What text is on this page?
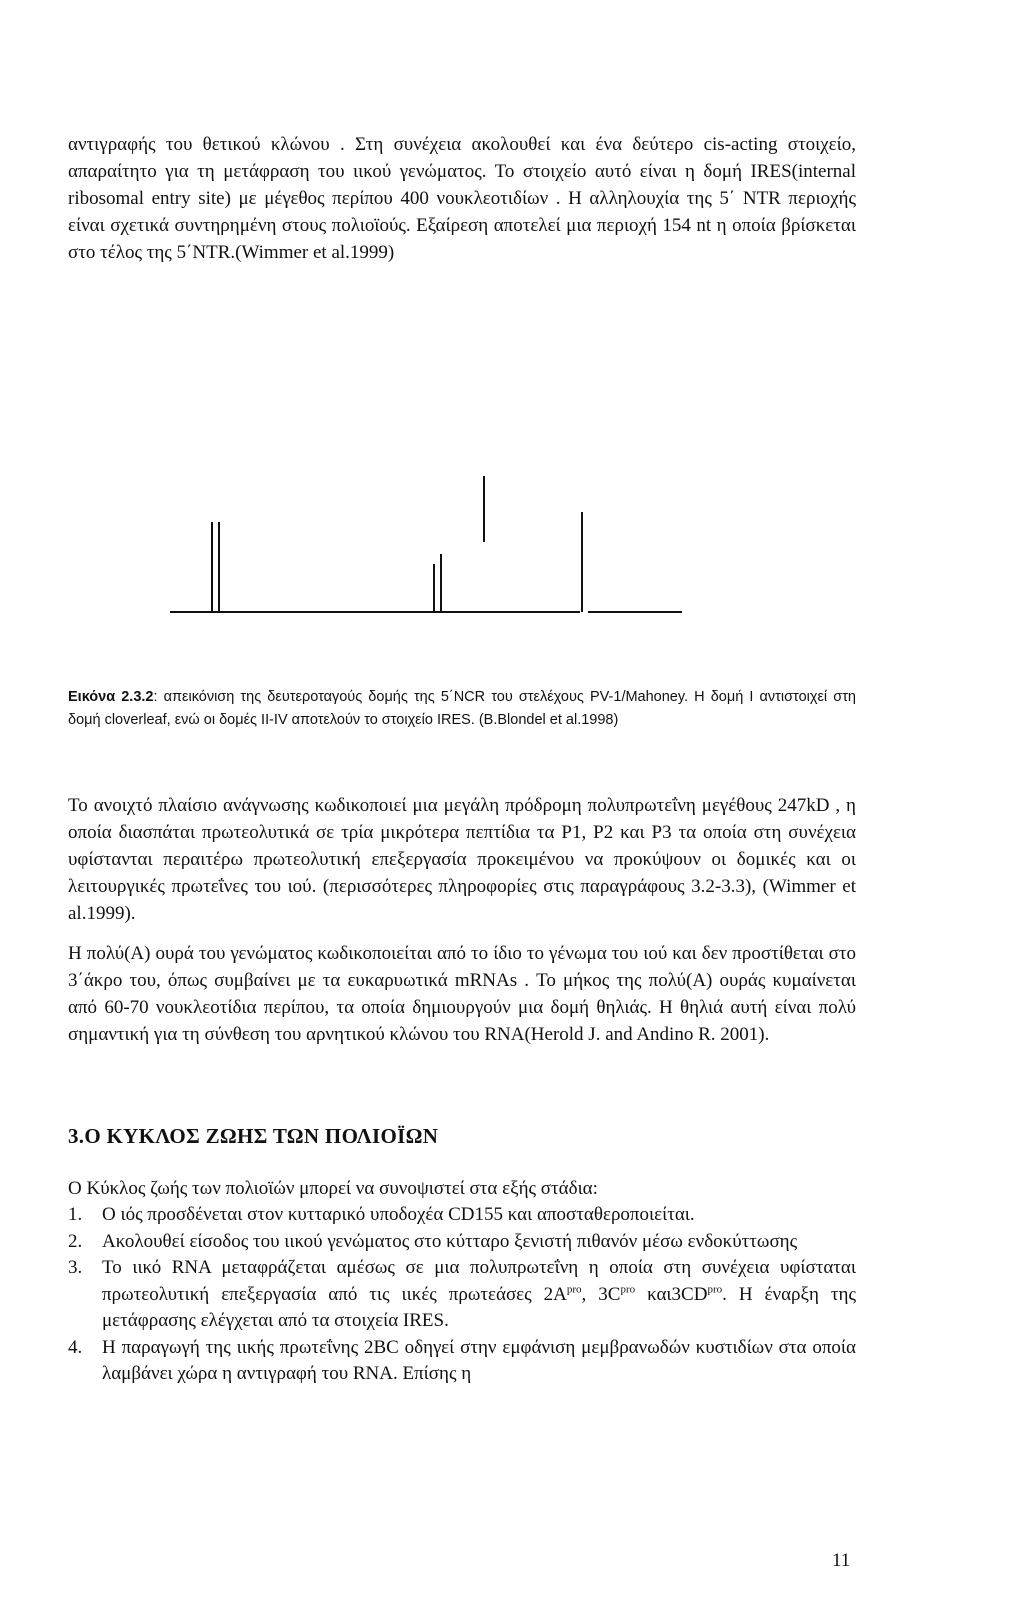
αντιγραφής του θετικού κλώνου . Στη συνέχεια ακολουθεί και ένα δεύτερο cis-acting στοιχείο, απαραίτητο για τη μετάφραση του ιικού γενώματος. Το στοιχείο αυτό είναι η δομή IRES(internal ribosomal entry site) με μέγεθος περίπου 400 νουκλεοτιδίων . Η αλληλουχία της 5΄ NTR περιοχής είναι σχετικά συντηρημένη στους πολιοϊούς. Εξαίρεση αποτελεί μια περιοχή 154 nt η οποία βρίσκεται στο τέλος της 5΄NTR.(Wimmer et al.1999)
Εικόνα 2.3.2: απεικόνιση της δευτεροταγούς δομής της 5΄NCR του στελέχους PV-1/Mahoney. Η δομή Ι αντιστοιχεί στη δομή cloverleaf, ενώ οι δομές II-IV αποτελούν το στοιχείο IRES. (B.Blondel et al.1998)
Το ανοιχτό πλαίσιο ανάγνωσης κωδικοποιεί μια μεγάλη πρόδρομη πολυπρωτεΐνη μεγέθους 247kD , η οποία διασπάται πρωτεολυτικά σε τρία μικρότερα πεπτίδια τα P1, P2 και P3 τα οποία στη συνέχεια υφίστανται περαιτέρω πρωτεολυτική επεξεργασία προκειμένου να προκύψουν οι δομικές και οι λειτουργικές πρωτεΐνες του ιού. (περισσότερες πληροφορίες στις παραγράφους 3.2-3.3), (Wimmer et al.1999).
Η πολύ(Α) ουρά του γενώματος κωδικοποιείται από το ίδιο το γένωμα του ιού και δεν προστίθεται στο 3΄άκρο του, όπως συμβαίνει με τα ευκαρυωτικά mRNAs . Το μήκος της πολύ(Α) ουράς κυμαίνεται από 60-70 νουκλεοτίδια περίπου, τα οποία δημιουργούν μια δομή θηλιάς. Η θηλιά αυτή είναι πολύ σημαντική για τη σύνθεση του αρνητικού κλώνου του RNA(Herold J. and Andino R. 2001).
3.Ο ΚΥΚΛΟΣ ΖΩΗΣ ΤΩΝ ΠΟΛΙΟΪΩΝ
Ο Κύκλος ζωής των πολιοϊών μπορεί να συνοψιστεί στα εξής στάδια:
1. Ο ιός προσδένεται στον κυτταρικό υποδοχέα CD155 και αποσταθεροποιείται.
2. Ακολουθεί είσοδος του ιικού γενώματος στο κύτταρο ξενιστή πιθανόν μέσω ενδοκύττωσης
3. Το ιικό RNA μεταφράζεται αμέσως σε μια πολυπρωτεΐνη η οποία στη συνέχεια υφίσταται πρωτεολυτική επεξεργασία από τις ιικές πρωτεάσες $2A^{pro}$, $3C^{pro}$ $\kappa\alpha\iota 3CD^{pro}$. Η έναρξη της μετάφρασης ελέγχεται από τα στοιχεία IRES.
4. Η παραγωγή της ιικής πρωτεΐνης 2BC οδηγεί στην εμφάνιση μεμβρανωδών κυστιδίων στα οποία λαμβάνει χώρα η αντιγραφή του RNA. Επίσης η
11
